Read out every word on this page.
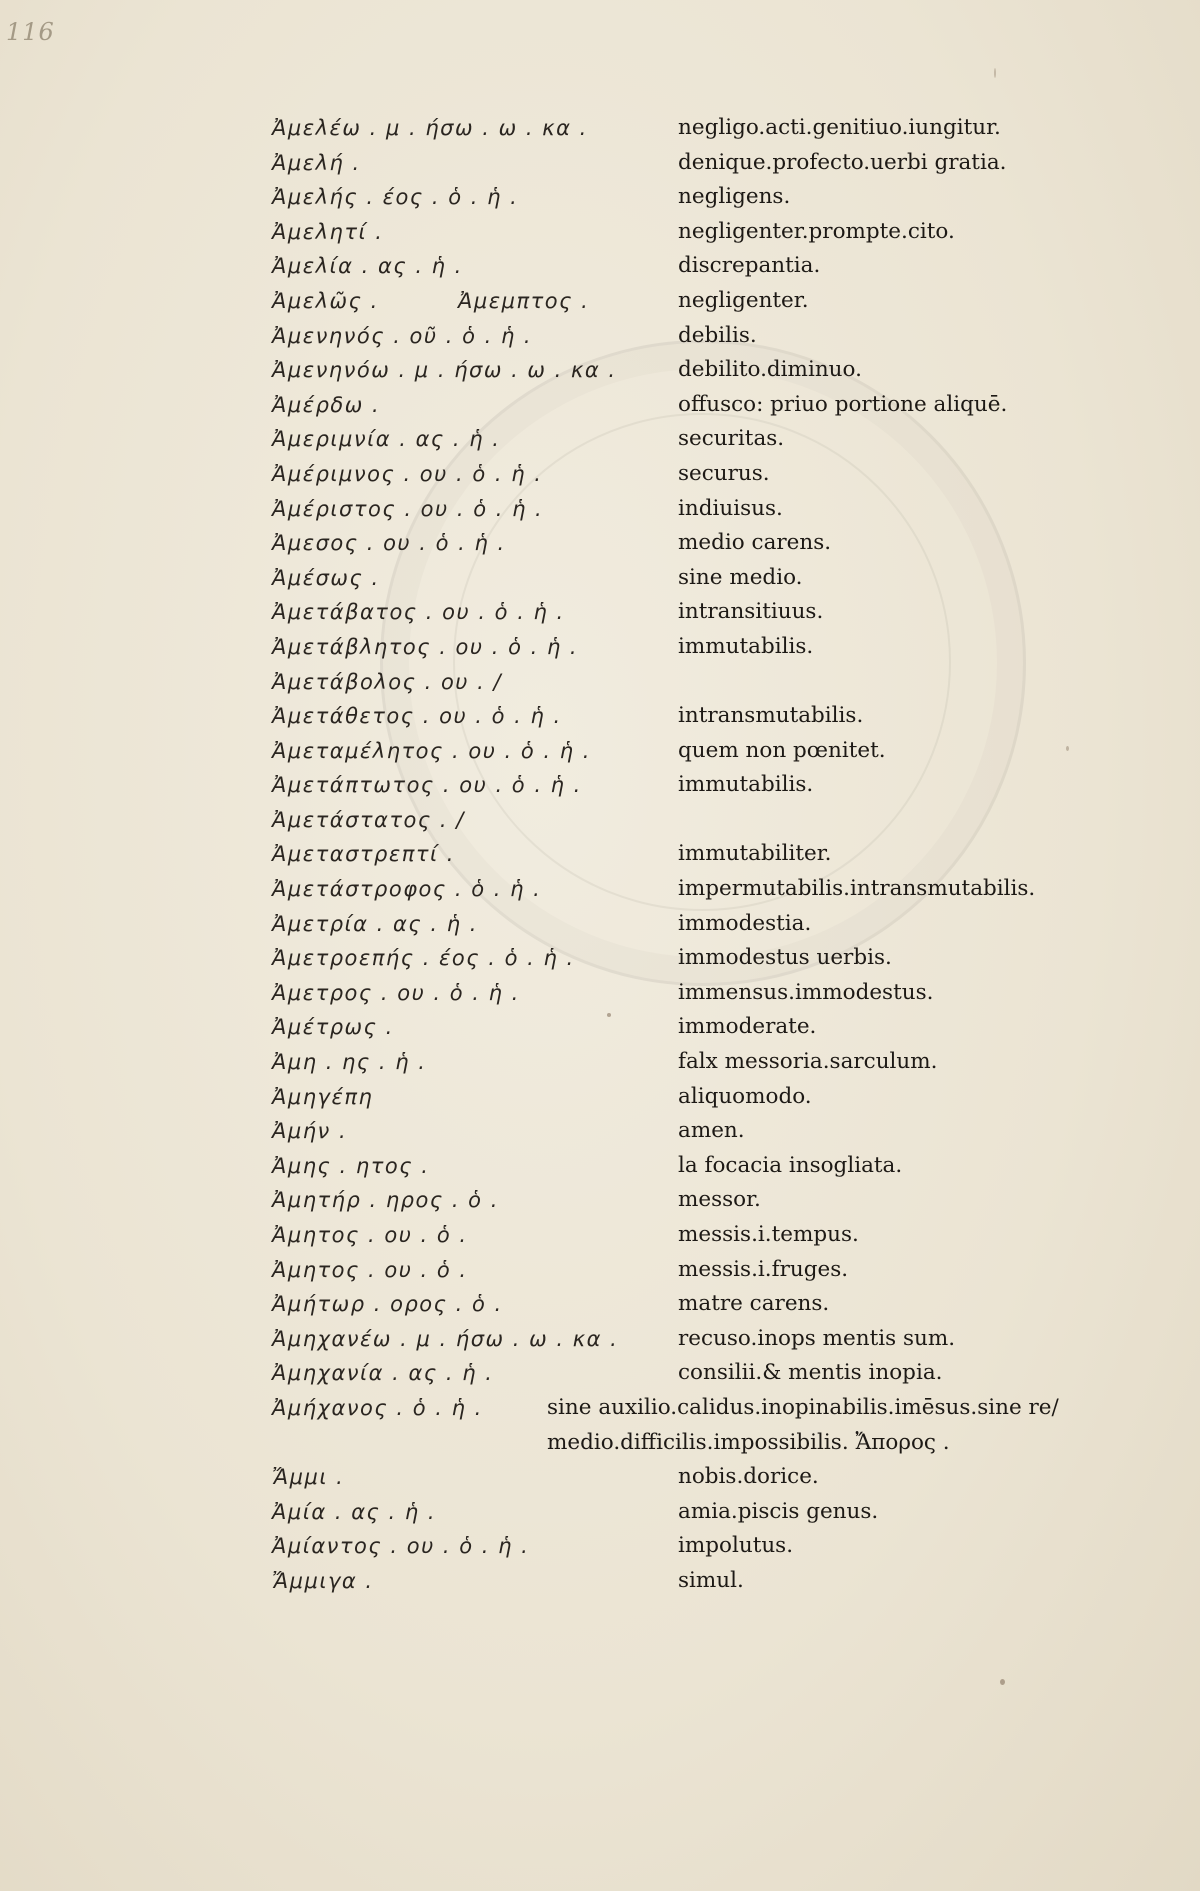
116
Ἀμελέω . μ . ήσω . ω . κα .	negligo.acti.genitiuo.iungitur.
Ἀμελή .	denique.profecto.uerbi gratia.
Ἀμελής . έος . ὁ . ἡ .	negligens.
Ἀμελητί .	negligenter.prompte.cito.
Ἀμελία . ας . ἡ .	discrepantia.
Ἀμελῶς .	Ἀμεμπτος .	negligenter.
Ἀμενηνός . οῦ . ὁ . ἡ .	debilis.
Ἀμενηνόω . μ . ήσω . ω . κα .	debilito.diminuo.
Ἀμέρδω .	offusco: priuo portione aliquē.
Ἀμεριμνία . ας . ἡ .	securitas.
Ἀμέριμνος . ου . ὁ . ἡ .	securus.
Ἀμέριστος . ου . ὁ . ἡ .	indiuisus.
Ἀμεσος . ου . ὁ . ἡ .	medio carens.
Ἀμέσως .	sine medio.
Ἀμετάβατος . ου . ὁ . ἡ .	intransitiuus.
Ἀμετάβλητος . ου . ὁ . ἡ .	immutabilis.
Ἀμετάβολος . ου . /
Ἀμετάθετος . ου . ὁ . ἡ .	intransmutabilis.
Ἀμεταμέλητος . ου . ὁ . ἡ .	quem non pœnitet.
Ἀμετάπτωτος . ου . ὁ . ἡ .	immutabilis.
Ἀμετάστατος . /
Ἀμεταστρεπτί .	immutabiliter.
Ἀμετάστροφος . ὁ . ἡ .	impermutabilis.intransmutabilis.
Ἀμετρία . ας . ἡ .	immodestia.
Ἀμετροεπής . έος . ὁ . ἡ .	immodestus uerbis.
Ἀμετρος . ου . ὁ . ἡ .	immensus.immodestus.
Ἀμέτρως .	immoderate.
Ἀμη . ης . ἡ .	falx messoria.sarculum.
Ἀμηγέπη	aliquomodo.
Ἀμήν .	amen.
Ἀμης . ητος .	la focacia insogliata.
Ἀμητήρ . ηρος . ὁ .	messor.
Ἀμητος . ου . ὁ .	messis.i.tempus.
Ἀμητος . ου . ὁ .	messis.i.fruges.
Ἀμήτωρ . ορος . ὁ .	matre carens.
Ἀμηχανέω . μ . ήσω . ω . κα .	recuso.inops mentis sum.
Ἀμηχανία . ας . ἡ .	consilii.& mentis inopia.
Ἀμήχανος . ὁ . ἡ .	sine auxilio.calidus.inopinabilis.imēsus.sine re/
medio.difficilis.impossibilis. Ἄπορος .
Ἄμμι .	nobis.dorice.
Ἀμία . ας . ἡ .	amia.piscis genus.
Ἀμίαντος . ου . ὁ . ἡ .	impolutus.
Ἄμμιγα .	simul.
